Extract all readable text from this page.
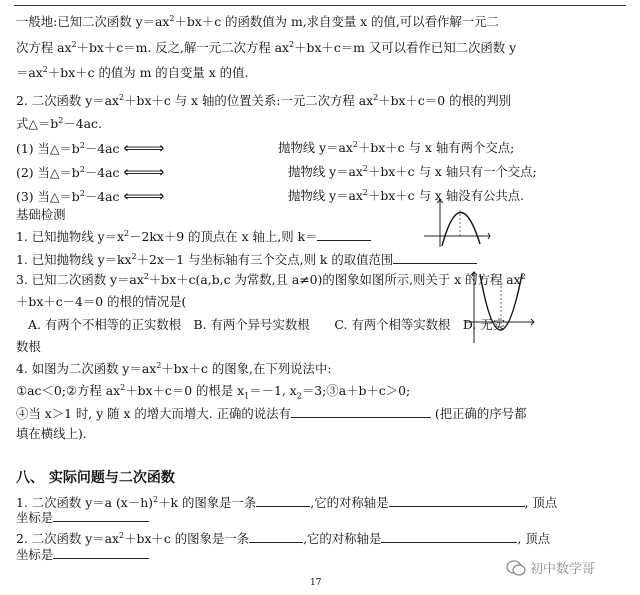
一般地:已知二次函数 $y=ax^2+bx+c$ 的函数值为 m,求自变量 x 的值,可以看作解一元二
次方程 $ax^2+bx+c=m$. 反之,解一元二次方程 $ax^2+bx+c=m$ 又可以看作已知二次函数 y
$=ax^2+bx+c$ 的值为 m 的自变量 x 的值.
2. 二次函数 $y=ax^2+bx+c$ 与 x 轴的位置关系:一元二次方程 $ax^2+bx+c=0$ 的根的判别
式$\triangle=b^2-4ac$.
(1) 当$\triangle=b^2-4ac$ ⟸⟹	抛物线 $y=ax^2+bx+c$ 与 x 轴有两个交点;
(2) 当$\triangle=b^2-4ac$ ⟸⟹	抛物线 $y=ax^2+bx+c$ 与 x 轴只有一个交点;
(3) 当$\triangle=b^2-4ac$ ⟸⟹	抛物线 $y=ax^2+bx+c$ 与 x 轴没有公共点.
基础检测
1. 已知抛物线 $y=x^2-2kx+9$ 的顶点在 x 轴上,则 k＝
1. 已知抛物线 $y=kx^2+2x-1$ 与坐标轴有三个交点,则 k 的取值范围
3. 已知二次函数 $y=ax^2+bx+c(a,b,c$ 为常数,且 a≠0)的图象如图所示,则关于 x 的方程 $ax^2$
＋bx＋c－4＝0 的根的情况是(
A. 有两个不相等的正实数根　B. 有两个异号实数根　　C. 有两个相等实数根　D. 无实
数根
4. 如图为二次函数 $y=ax^2+bx+c$ 的图象,在下列说法中:
①ac＜0;②方程 $ax^2+bx+c=0$ 的根是 $x_1=-1$, $x_2=3;③a+b+c>0$;
④当 x＞1 时, y 随 x 的增大而增大. 正确的说法有	(把正确的序号都
填在横线上).
1. 二次函数 y＝a $(x-h)^2+k$ 的图象是一条	,它的对称轴是	, 顶点
坐标是
2. 二次函数 $y=ax^2+bx+c$ 的图象是一条	,它的对称轴是	, 顶点
坐标是
八、 实际问题与二次函数
17
初中数学哥
